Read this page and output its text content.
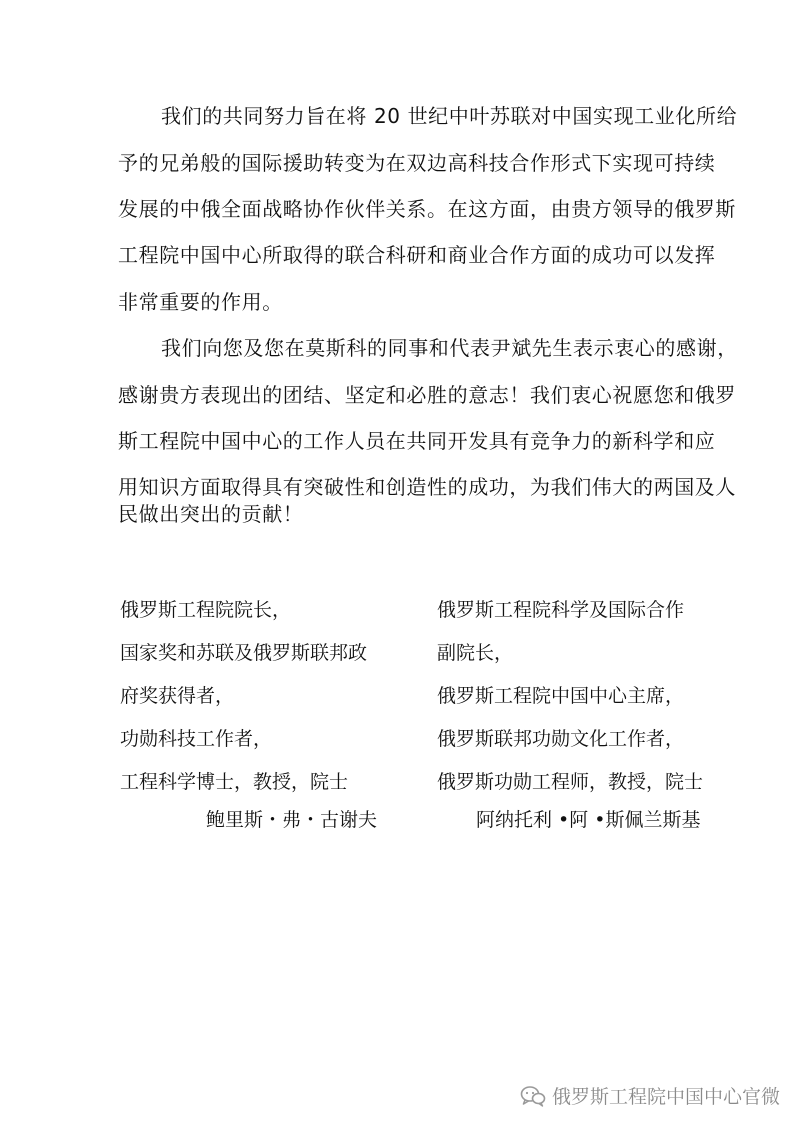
我们的共同努力旨在将 20 世纪中叶苏联对中国实现工业化所给
予的兄弟般的国际援助转变为在双边高科技合作形式下实现可持续
发展的中俄全面战略协作伙伴关系。在这方面，由贵方领导的俄罗斯
工程院中国中心所取得的联合科研和商业合作方面的成功可以发挥
非常重要的作用。
我们向您及您在莫斯科的同事和代表尹斌先生表示衷心的感谢，
感谢贵方表现出的团结、坚定和必胜的意志！我们衷心祝愿您和俄罗
斯工程院中国中心的工作人员在共同开发具有竞争力的新科学和应
用知识方面取得具有突破性和创造性的成功，为我们伟大的两国及人
民做出突出的贡献！
俄罗斯工程院院长，
国家奖和苏联及俄罗斯联邦政
府奖获得者，
功勋科技工作者，
工程科学博士，教授，院士
鲍里斯・弗・古谢夫
俄罗斯工程院科学及国际合作
副院长，
俄罗斯工程院中国中心主席，
俄罗斯联邦功勋文化工作者，
俄罗斯功勋工程师，教授，院士
阿纳托利 •阿 •斯佩兰斯基
俄罗斯工程院中国中心官微
